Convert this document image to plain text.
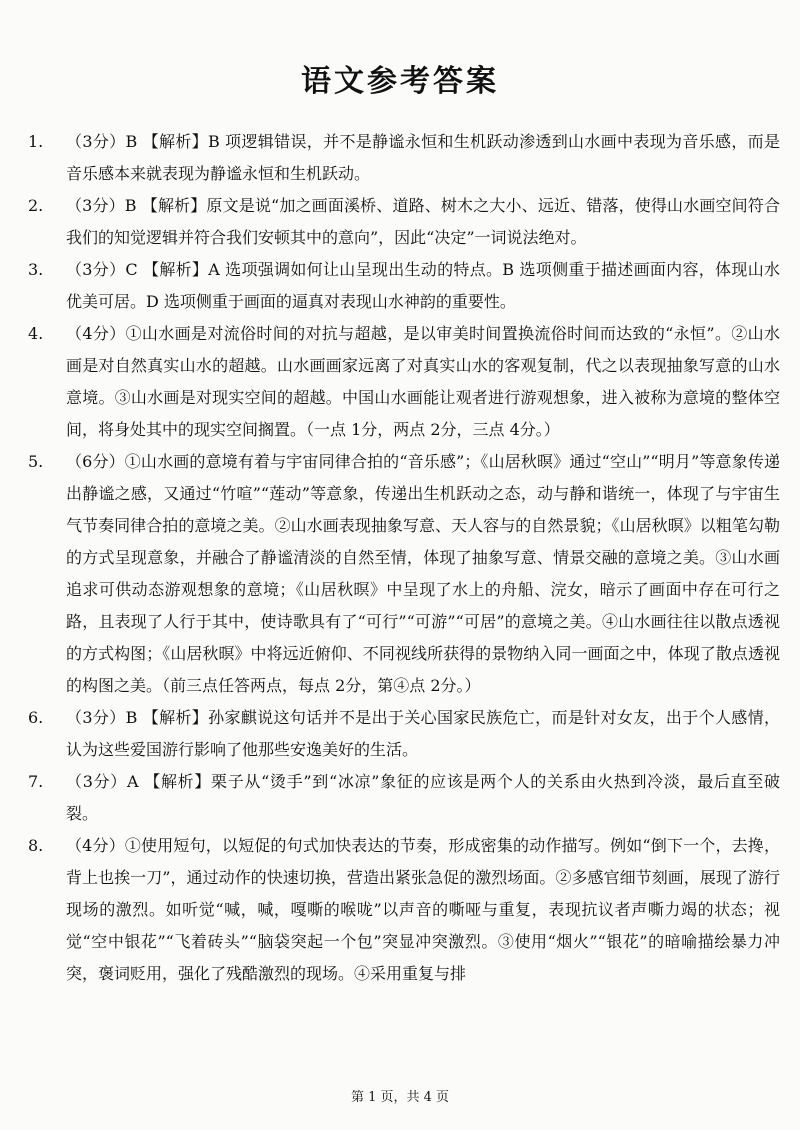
语文参考答案
1.	（3分）B 【解析】B 项逻辑错误，并不是静谧永恒和生机跃动渗透到山水画中表现为音乐感，而是音乐感本来就表现为静谧永恒和生机跃动。
2.	（3分）B 【解析】原文是说“加之画面溪桥、道路、树木之大小、远近、错落，使得山水画空间符合我们的知觉逻辑并符合我们安顿其中的意向”，因此“决定”一词说法绝对。
3.	（3分）C 【解析】A 选项强调如何让山呈现出生动的特点。B 选项侧重于描述画面内容，体现山水优美可居。D 选项侧重于画面的逼真对表现山水神韵的重要性。
4.	（4分）①山水画是对流俗时间的对抗与超越，是以审美时间置换流俗时间而达致的“永恒”。②山水画是对自然真实山水的超越。山水画画家远离了对真实山水的客观复制，代之以表现抽象写意的山水意境。③山水画是对现实空间的超越。中国山水画能让观者进行游观想象，进入被称为意境的整体空间，将身处其中的现实空间搁置。（一点 1分，两点 2分，三点 4分。）
5.	（6分）①山水画的意境有着与宇宙同律合拍的“音乐感”；《山居秋暝》通过“空山”“明月”等意象传递出静谧之感，又通过“竹喧”“莲动”等意象，传递出生机跃动之态，动与静和谐统一，体现了与宇宙生气节奏同律合拍的意境之美。②山水画表现抽象写意、天人容与的自然景貌；《山居秋暝》以粗笔勾勒的方式呈现意象，并融合了静谧清淡的自然至情，体现了抽象写意、情景交融的意境之美。③山水画追求可供动态游观想象的意境；《山居秋暝》中呈现了水上的舟船、浣女，暗示了画面中存在可行之路，且表现了人行于其中，使诗歌具有了“可行”“可游”“可居”的意境之美。④山水画往往以散点透视的方式构图；《山居秋暝》中将远近俯仰、不同视线所获得的景物纳入同一画面之中，体现了散点透视的构图之美。（前三点任答两点，每点 2分，第④点 2分。）
6.	（3分）B 【解析】孙家麒说这句话并不是出于关心国家民族危亡，而是针对女友，出于个人感情，认为这些爱国游行影响了他那些安逸美好的生活。
7.	（3分）A 【解析】栗子从“烫手”到“冰凉”象征的应该是两个人的关系由火热到冷淡，最后直至破裂。
8.	（4分）①使用短句，以短促的句式加快表达的节奏，形成密集的动作描写。例如“倒下一个，去搀，背上也挨一刀”，通过动作的快速切换，营造出紧张急促的激烈场面。②多感官细节刻画，展现了游行现场的激烈。如听觉“喊，喊，嘎嘶的喉咙”以声音的嘶哑与重复，表现抗议者声嘶力竭的状态；视觉“空中银花”“飞着砖头”“脑袋突起一个包”突显冲突激烈。③使用“烟火”“银花”的暗喻描绘暴力冲突，褒词贬用，强化了残酷激烈的现场。④采用重复与排
第 1 页，共 4 页
